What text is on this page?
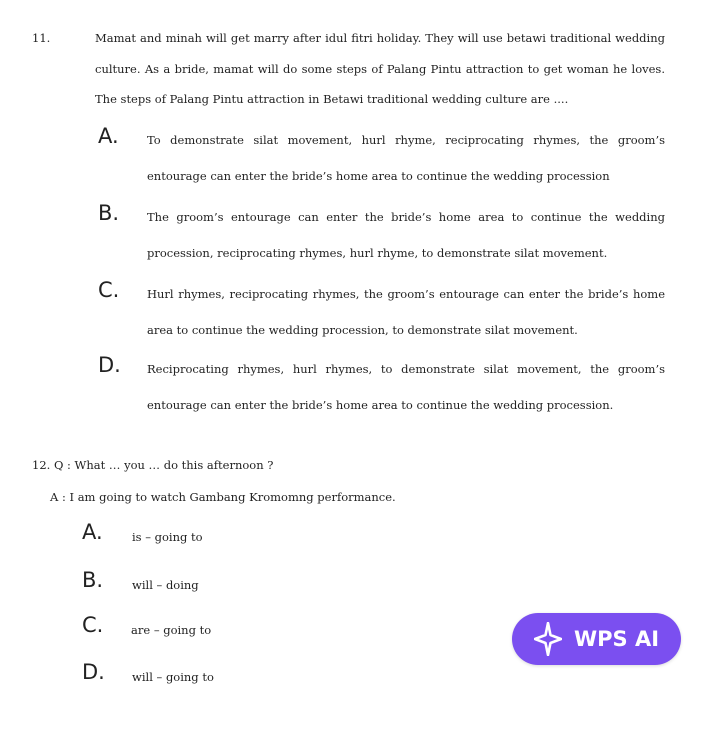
11.	Mamat and minah will get marry after idul fitri holiday. They will use betawi traditional wedding culture. As a bride, mamat will do some steps of Palang Pintu attraction to get woman he loves. The steps of Palang Pintu attraction in Betawi traditional wedding culture are ....
A. To demonstrate silat movement, hurl rhyme, reciprocating rhymes, the groom’s entourage can enter the bride’s home area to continue the wedding procession
B. The groom’s entourage can enter the bride’s home area to continue the wedding procession, reciprocating rhymes, hurl rhyme, to demonstrate silat movement.
C. Hurl rhymes, reciprocating rhymes, the groom’s entourage can enter the bride’s home area to continue the wedding procession, to demonstrate silat movement.
D. Reciprocating rhymes, hurl rhymes, to demonstrate silat movement, the groom’s entourage can enter the bride’s home area to continue the wedding procession.
12. Q : What … you … do this afternoon ?
A : I am going to watch Gambang Kromomng performance.
A.	is – going to
B.	will – doing
C. are – going to
D. will – going to
WPS AI
